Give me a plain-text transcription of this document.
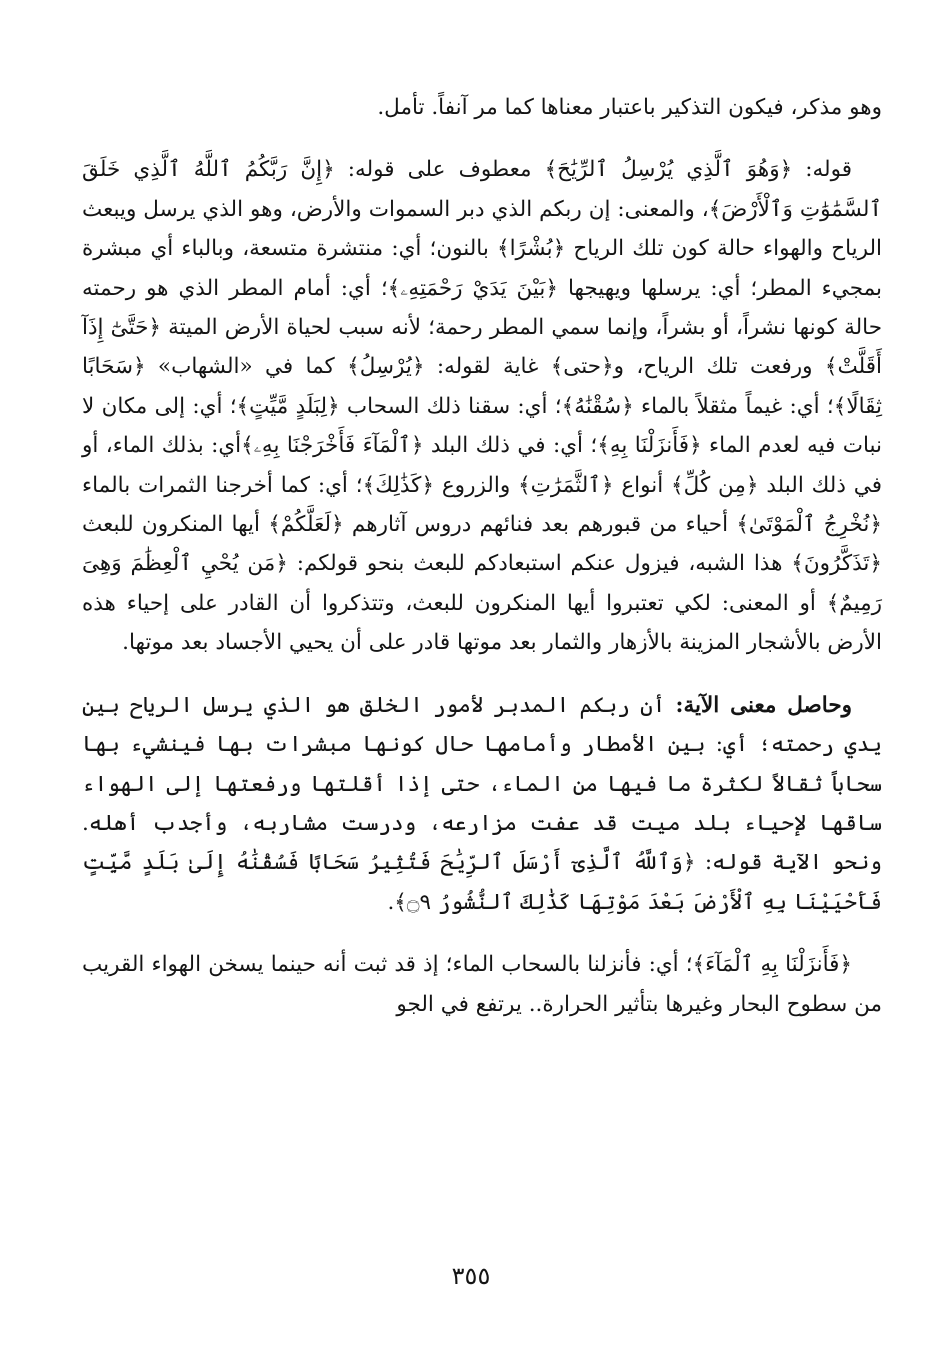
وهو مذكر، فيكون التذكير باعتبار معناها كما مر آنفاً. تأمل.

قوله: ﴿وَهُوَ ٱلَّذِي يُرْسِلُ ٱلرِّيَٰحَ﴾ معطوف على قوله: ﴿إِنَّ رَبَّكُمُ ٱللَّهُ ٱلَّذِي خَلَقَ ٱلسَّمَٰوَٰتِ وَٱلْأَرْضَ﴾، والمعنى: إن ربكم الذي دبر السموات والأرض، وهو الذي يرسل ويبعث الرياح والهواء حالة كون تلك الرياح ﴿بُشْرًا﴾ بالنون؛ أي: منتشرة متسعة، وبالباء أي مبشرة بمجيء المطر؛ أي: يرسلها ويهيجها ﴿بَيْنَ يَدَيْ رَحْمَتِهِۦ﴾؛ أي: أمام المطر الذي هو رحمته حالة كونها نشراً، أو بشراً، وإنما سمي المطر رحمة؛ لأنه سبب لحياة الأرض الميتة ﴿حَتَّىٰٓ إِذَآ أَقَلَّتْ﴾ ورفعت تلك الرياح، و﴿حتى﴾ غاية لقوله: ﴿يُرْسِلُ﴾ كما في «الشهاب» ﴿سَحَابًا ثِقَالًا﴾؛ أي: غيماً مثقلاً بالماء ﴿سُقْنَٰهُ﴾؛ أي: سقنا ذلك السحاب ﴿لِبَلَدٍ مَّيِّتٍ﴾؛ أي: إلى مكان لا نبات فيه لعدم الماء ﴿فَأَنزَلْنَا بِهِ﴾؛ أي: في ذلك البلد ﴿ٱلْمَآءَ فَأَخْرَجْنَا بِهِۦ﴾أي: بذلك الماء، أو في ذلك البلد ﴿مِن كُلِّ﴾ أنواع ﴿ٱلثَّمَرَٰتِ﴾ والزروع ﴿كَذَٰلِكَ﴾؛ أي: كما أخرجنا الثمرات بالماء ﴿نُخْرِجُ ٱلْمَوْتَىٰ﴾ أحياء من قبورهم بعد فنائهم دروس آثارهم ﴿لَعَلَّكُمْ﴾ أيها المنكرون للبعث ﴿تَذَكَّرُونَ﴾ هذا الشبه، فيزول عنكم استبعادكم للبعث بنحو قولكم: ﴿مَن يُحْيِ ٱلْعِظَٰمَ وَهِىَ رَمِيمٌ﴾ أو المعنى: لكي تعتبروا أيها المنكرون للبعث، وتتذكروا أن القادر على إحياء هذه الأرض بالأشجار المزينة بالأزهار والثمار بعد موتها قادر على أن يحيي الأجساد بعد موتها.

وحاصل معنى الآية: أن ربكم المدبر لأمور الخلق هو الذي يرسل الرياح بين يدي رحمته؛ أي: بين الأمطار وأمامها حال كونها مبشرات بها فينشيء بها سحاباً ثقالاً لكثرة ما فيها من الماء، حتى إذا أقلتها ورفعتها إلى الهواء ساقها لإحياء بلد ميت قد عفت مزارعه، ودرست مشاربه، وأجدب أهله. ونحو الآية قوله: ﴿وَٱللَّهُ ٱلَّذِىٓ أَرْسَلَ ٱلرِّيَٰحَ فَتُثِيرُ سَحَابًا فَسُقْنَٰهُ إِلَىٰ بَلَدٍ مَّيِّتٍ فَأَحْيَيْنَا بِهِ ٱلْأَرْضَ بَعْدَ مَوْتِهَا كَذَٰلِكَ ٱلنُّشُورُ ۝٩﴾.

﴿فَأَنزَلْنَا بِهِ ٱلْمَآءَ﴾؛ أي: فأنزلنا بالسحاب الماء؛ إذ قد ثبت أنه حينما يسخن الهواء القريب من سطوح البحار وغيرها بتأثير الحرارة.. يرتفع في الجو

٣٥٥
